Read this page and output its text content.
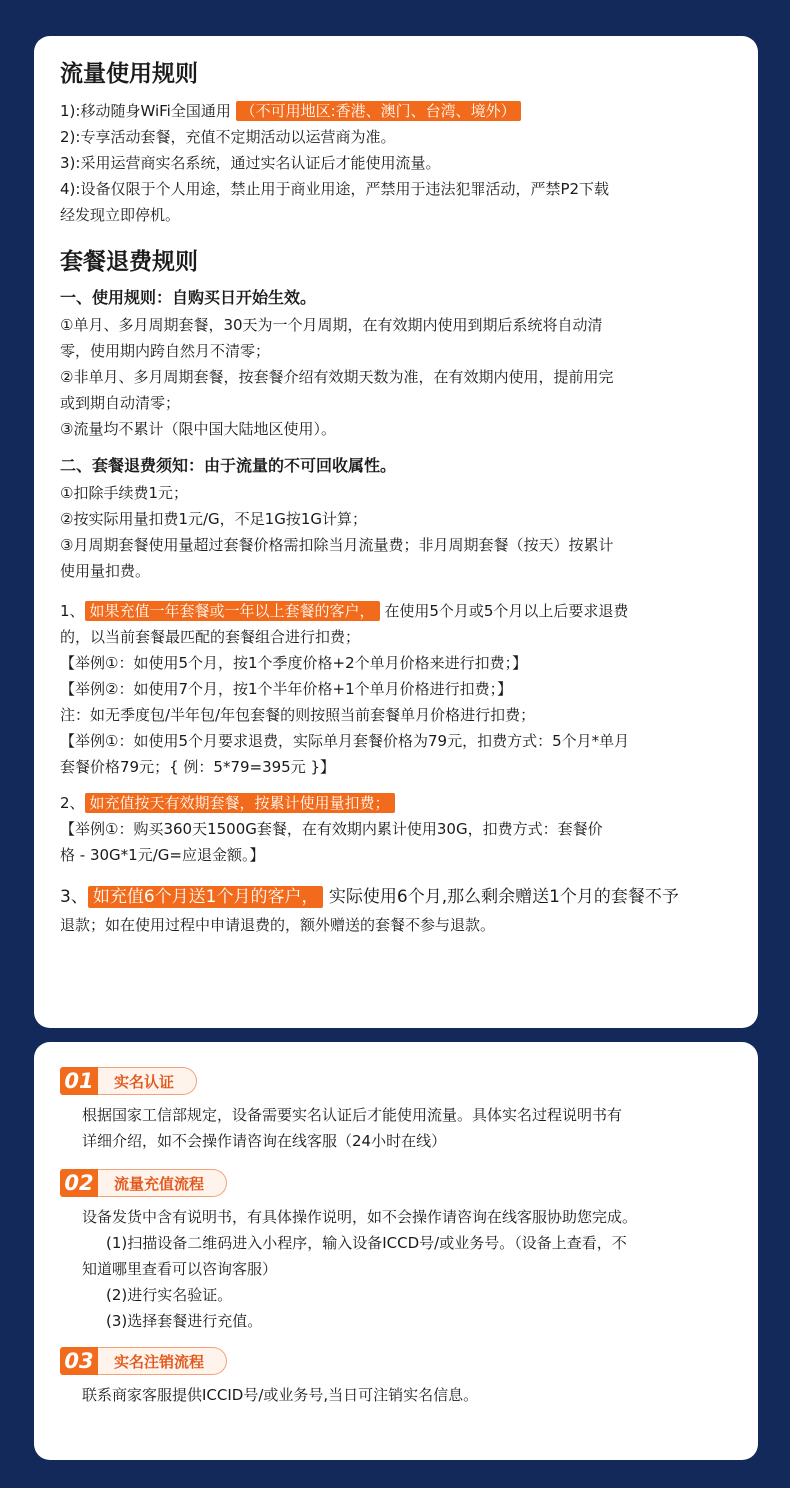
流量使用规则

1):移动随身WiFi全国通用 （不可用地区:香港、澳门、台湾、境外）

2):专享活动套餐，充值不定期活动以运营商为准。

3):采用运营商实名系统，通过实名认证后才能使用流量。

4):设备仅限于个人用途，禁止用于商业用途，严禁用于违法犯罪活动，严禁P2下载

经发现立即停机。

套餐退费规则

一、使用规则：自购买日开始生效。

①单月、多月周期套餐，30天为一个月周期，在有效期内使用到期后系统将自动清

零，使用期内跨自然月不清零；

②非单月、多月周期套餐，按套餐介绍有效期天数为准，在有效期内使用，提前用完

或到期自动清零；

③流量均不累计（限中国大陆地区使用）。

二、套餐退费须知：由于流量的不可回收属性。

①扣除手续费1元；

②按实际用量扣费1元/G，不足1G按1G计算；

③月周期套餐使用量超过套餐价格需扣除当月流量费；非月周期套餐（按天）按累计

使用量扣费。

1、 如果充值一年套餐或一年以上套餐的客户， 在使用5个月或5个月以上后要求退费

的，以当前套餐最匹配的套餐组合进行扣费；

【举例①：如使用5个月，按1个季度价格+2个单月价格来进行扣费；】

【举例②：如使用7个月，按1个半年价格+1个单月价格进行扣费；】

注：如无季度包/半年包/年包套餐的则按照当前套餐单月价格进行扣费；

【举例①：如使用5个月要求退费，实际单月套餐价格为79元，扣费方式：5个月*单月

套餐价格79元；{ 例：5*79=395元 }】

2、 如充值按天有效期套餐，按累计使用量扣费；

【举例①：购买360天1500G套餐，在有效期内累计使用30G，扣费方式：套餐价

格 - 30G*1元/G=应退金额。】

3、 如充值6个月送1个月的客户， 实际使用6个月,那么剩余赠送1个月的套餐不予

退款；如在使用过程中申请退费的，额外赠送的套餐不参与退款。

01	实名认证

根据国家工信部规定，设备需要实名认证后才能使用流量。具体实名过程说明书有

详细介绍，如不会操作请咨询在线客服（24小时在线）

02	流量充值流程

设备发货中含有说明书，有具体操作说明，如不会操作请咨询在线客服协助您完成。

(1)扫描设备二维码进入小程序，输入设备ICCD号/或业务号。（设备上查看，不

知道哪里查看可以咨询客服）

(2)进行实名验证。

(3)选择套餐进行充值。

03	实名注销流程

联系商家客服提供ICCID号/或业务号,当日可注销实名信息。
